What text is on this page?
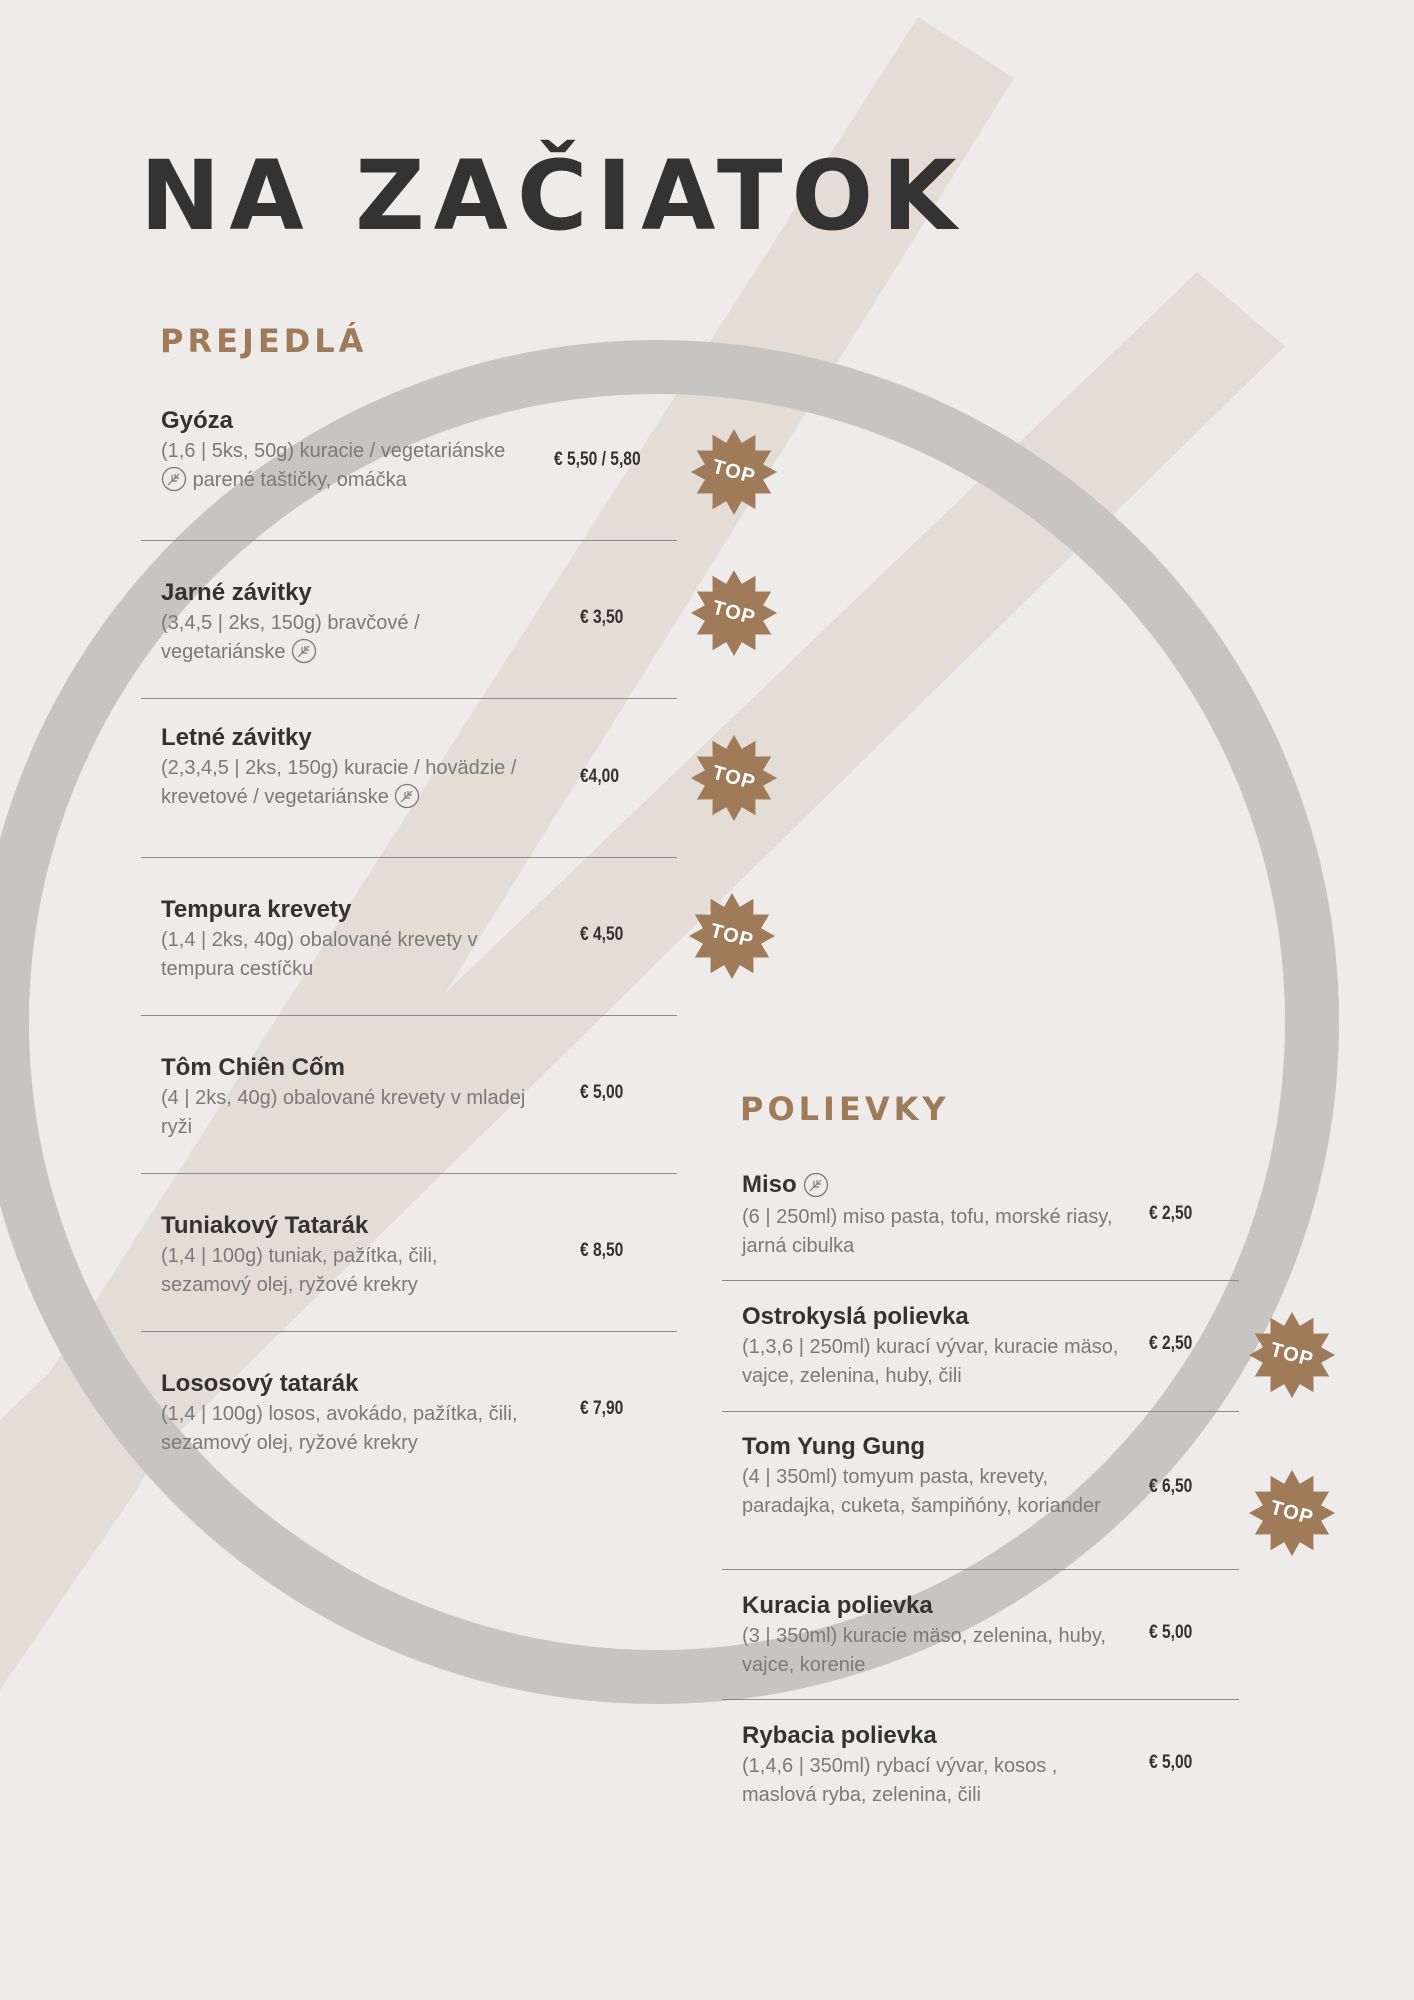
NA ZAČIATOK
PREJEDLÁ

Gyóza

(1,6 | 5ks, 50g) kuracie / vegetariánske  parené taštičky, omáčka

€ 5,50 / 5,80

Jarné závitky

(3,4,5 | 2ks, 150g) bravčové / vegetariánske

€ 3,50

Letné závitky

(2,3,4,5 | 2ks, 150g) kuracie / hovädzie / krevetové / vegetariánske

€4,00

Tempura krevety

(1,4 | 2ks, 40g) obalované krevety v tempura cestíčku

€ 4,50

Tôm Chiên Cốm

(4 | 2ks, 40g) obalované krevety v mladej ryži

€ 5,00

Tuniakový Tatarák

(1,4 | 100g) tuniak, pažítka, čili, sezamový olej, ryžové krekry

€ 8,50

Lososový tatarák

(1,4 | 100g) losos, avokádo, pažítka, čili, sezamový olej, ryžové krekry

€ 7,90

TOP
TOP
TOP
TOP
POLIEVKY

Miso

(6 | 250ml) miso pasta, tofu, morské riasy, jarná cibulka

€ 2,50

Ostrokyslá polievka

(1,3,6 | 250ml) kurací vývar, kuracie mäso, vajce, zelenina, huby, čili

€ 2,50

Tom Yung Gung

(4 | 350ml) tomyum pasta, krevety, paradajka, cuketa, šampiňóny, koriander

€ 6,50

Kuracia polievka

(3 | 350ml) kuracie mäso, zelenina, huby, vajce, korenie

€ 5,00

Rybacia polievka

(1,4,6 | 350ml) rybací vývar, kosos , maslová ryba, zelenina, čili

€ 5,00

TOP
TOP
